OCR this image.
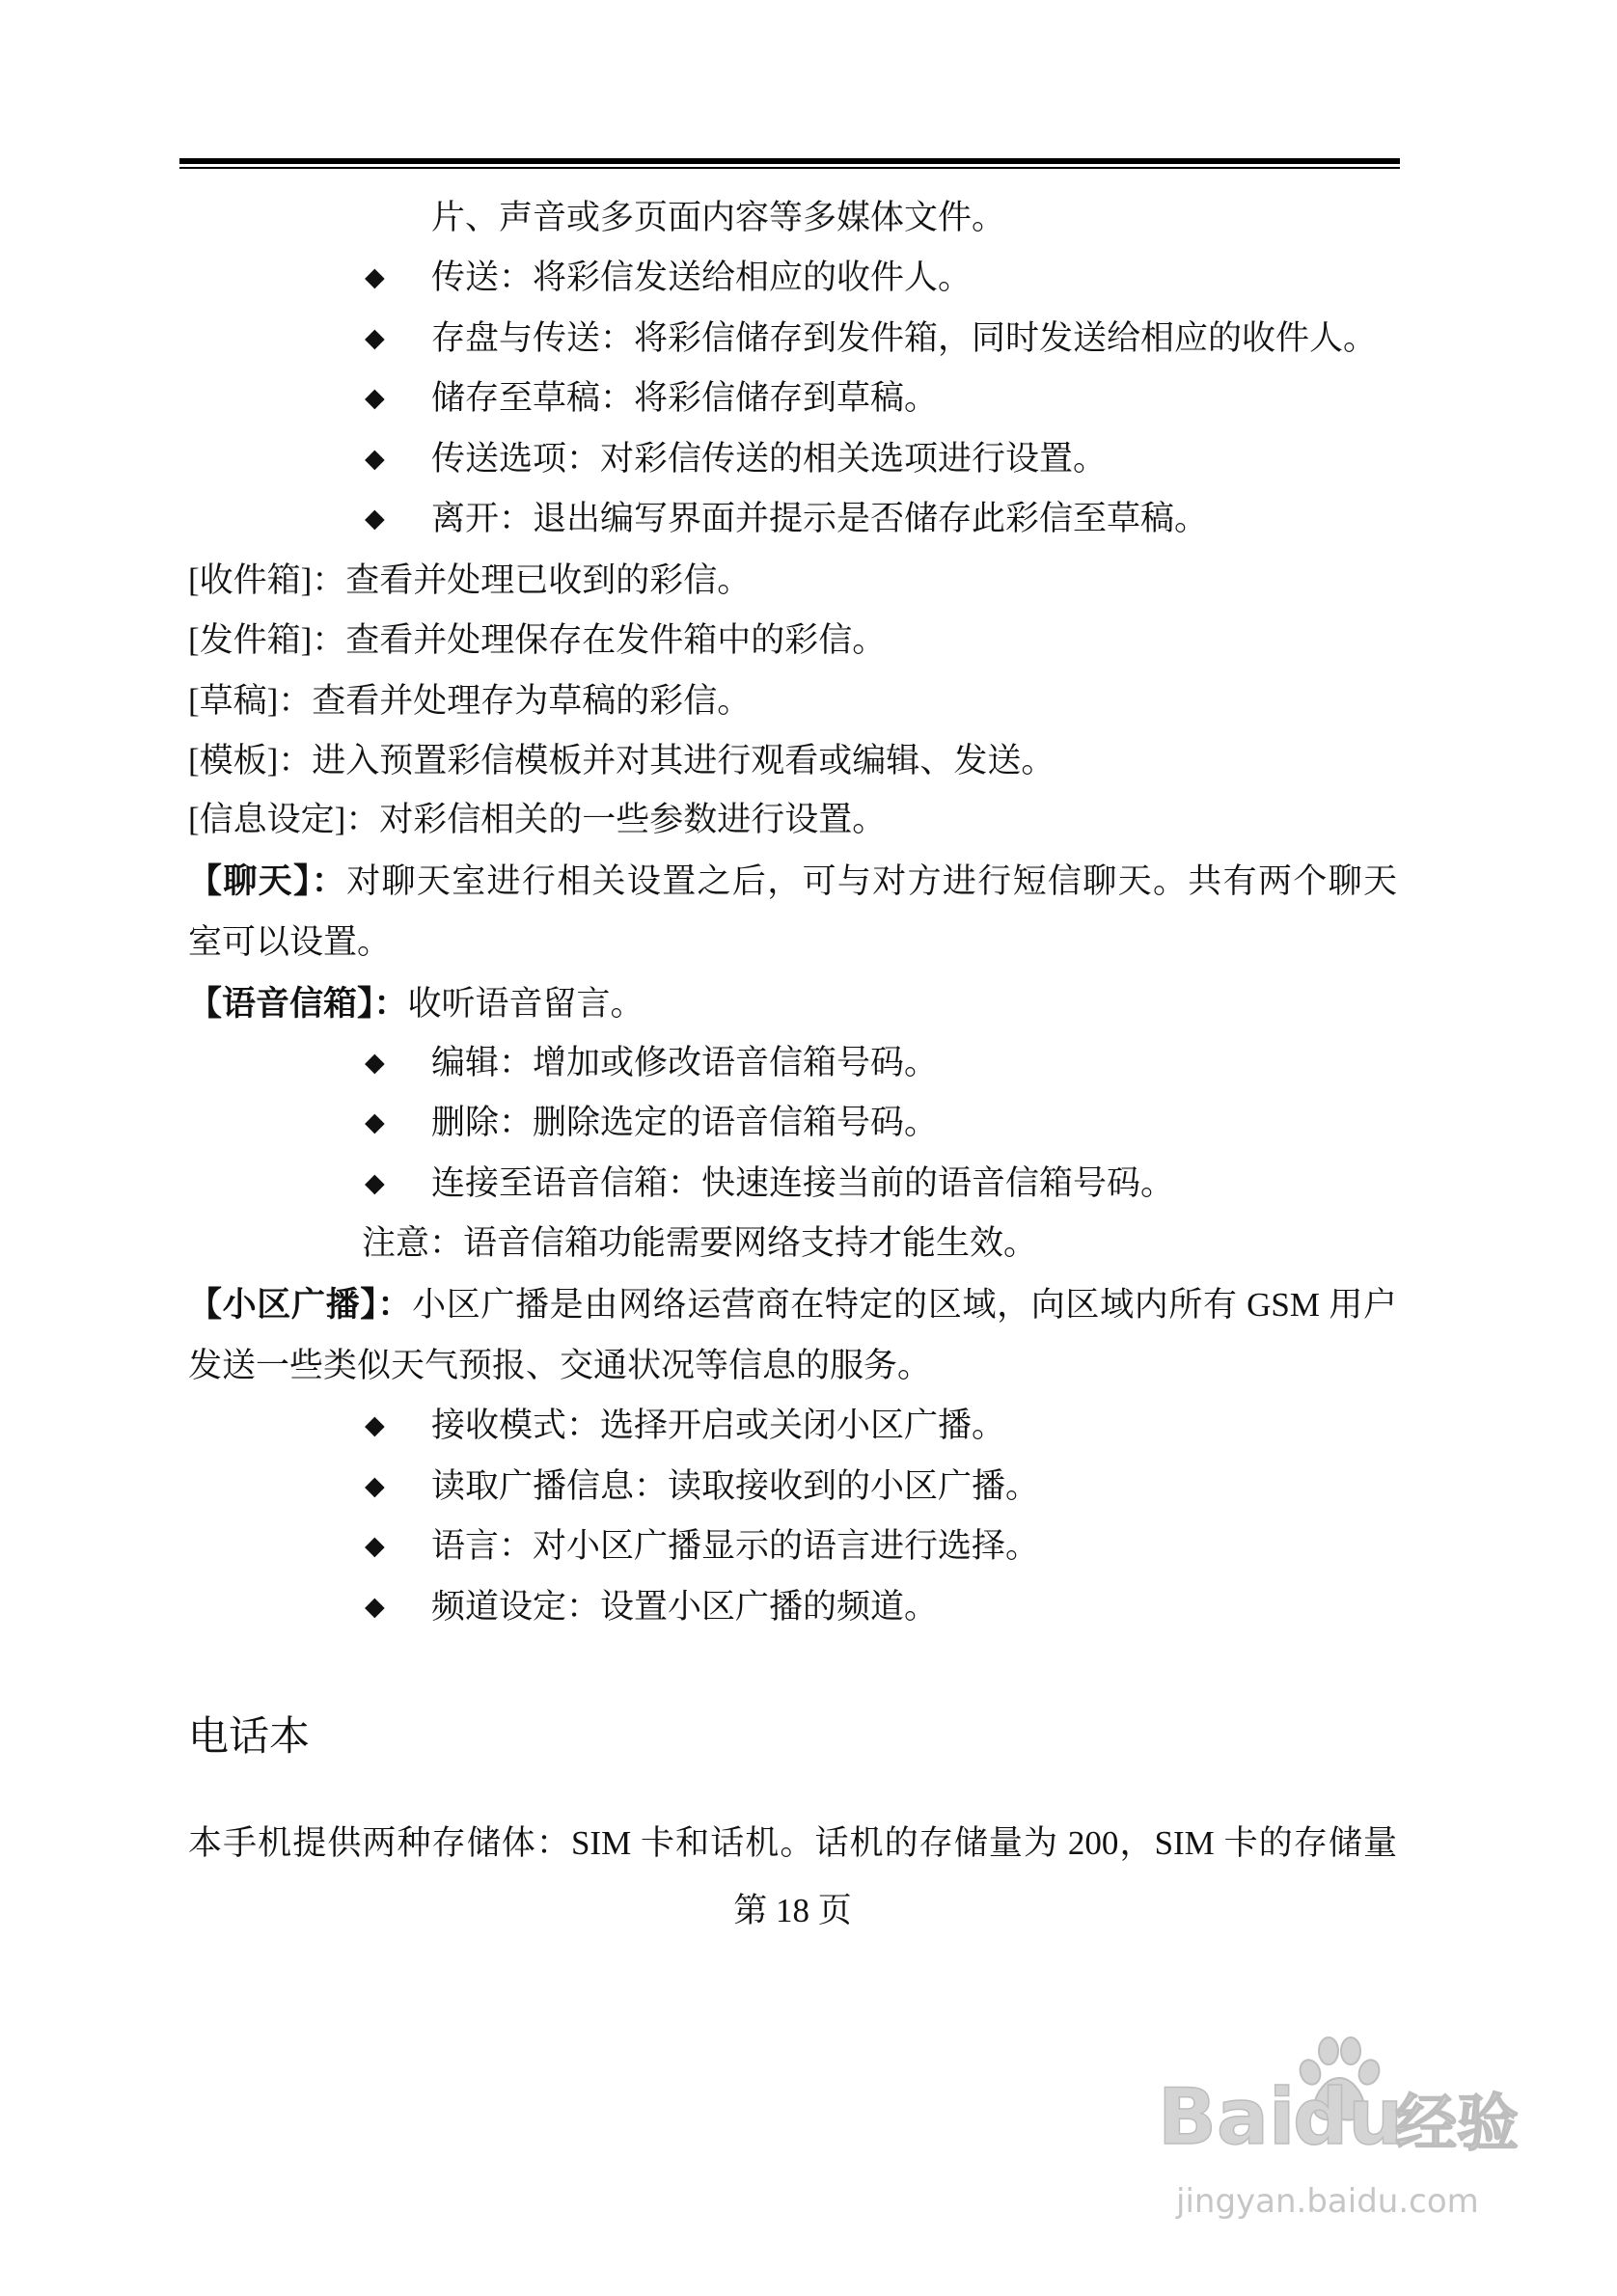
片、声音或多页面内容等多媒体文件。
◆ 传送：将彩信发送给相应的收件人。
◆ 存盘与传送：将彩信储存到发件箱，同时发送给相应的收件人。
◆ 储存至草稿：将彩信储存到草稿。
◆ 传送选项：对彩信传送的相关选项进行设置。
◆ 离开：退出编写界面并提示是否储存此彩信至草稿。
[收件箱]：查看并处理已收到的彩信。
[发件箱]：查看并处理保存在发件箱中的彩信。
[草稿]：查看并处理存为草稿的彩信。
[模板]：进入预置彩信模板并对其进行观看或编辑、发送。
[信息设定]：对彩信相关的一些参数进行设置。
【聊天】：对聊天室进行相关设置之后，可与对方进行短信聊天。共有两个聊天
室可以设置。
【语音信箱】：收听语音留言。
◆ 编辑：增加或修改语音信箱号码。
◆ 删除：删除选定的语音信箱号码。
◆ 连接至语音信箱：快速连接当前的语音信箱号码。
注意：语音信箱功能需要网络支持才能生效。
【小区广播】：小区广播是由网络运营商在特定的区域，向区域内所有 GSM 用户
发送一些类似天气预报、交通状况等信息的服务。
◆ 接收模式：选择开启或关闭小区广播。
◆ 读取广播信息：读取接收到的小区广播。
◆ 语言：对小区广播显示的语言进行选择。
◆ 频道设定：设置小区广播的频道。
电话本
本手机提供两种存储体：SIM 卡和话机。话机的存储量为 200，SIM 卡的存储量
第 18 页
Bai
du
经验
jingyan.baidu.com
